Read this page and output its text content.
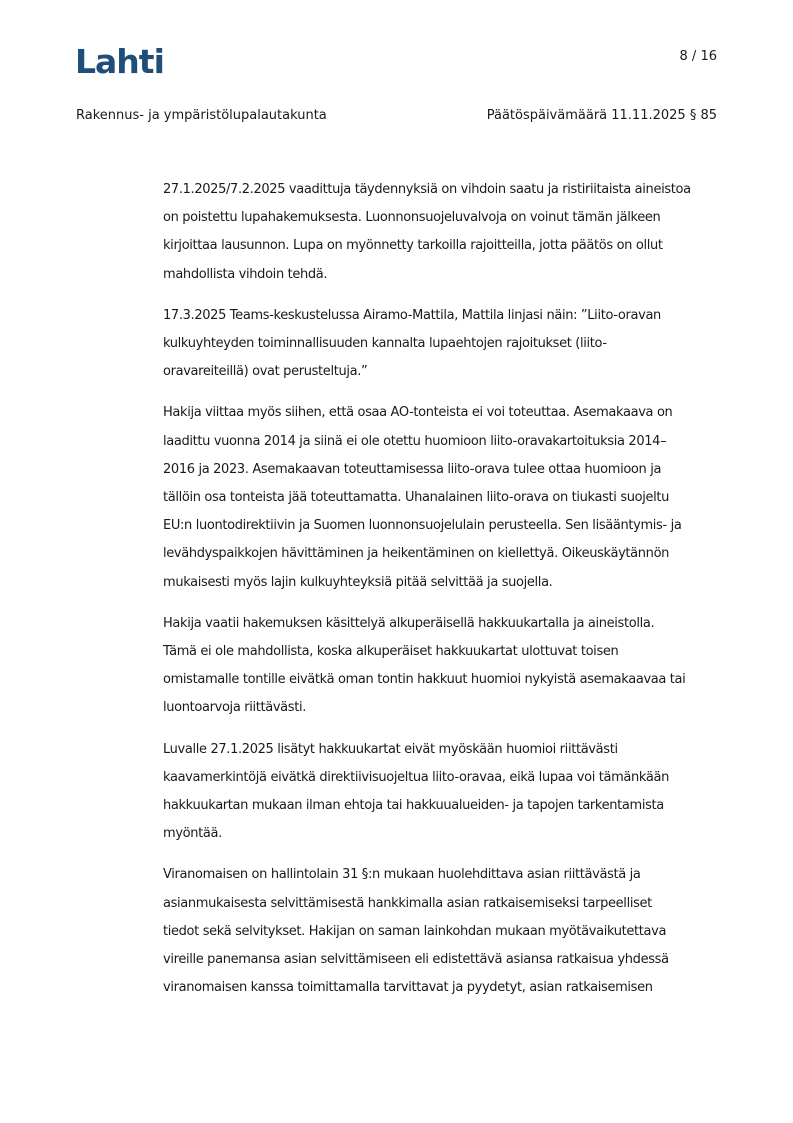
Lahti	8 / 16
Rakennus- ja ympäristölupalautakunta	Päätöspäivämäärä 11.11.2025 § 85
27.1.2025/7.2.2025 vaadittuja täydennyksiä on vihdoin saatu ja ristiriitaista aineistoa
on poistettu lupahakemuksesta. Luonnonsuojeluvalvoja on voinut tämän jälkeen
kirjoittaa lausunnon. Lupa on myönnetty tarkoilla rajoitteilla, jotta päätös on ollut
mahdollista vihdoin tehdä.
17.3.2025 Teams-keskustelussa Airamo-Mattila, Mattila linjasi näin: ”Liito-oravan
kulkuyhteyden toiminnallisuuden kannalta lupaehtojen rajoitukset (liito-
oravareiteillä) ovat perusteltuja.”
Hakija viittaa myös siihen, että osaa AO-tonteista ei voi toteuttaa. Asemakaava on
laadittu vuonna 2014 ja siinä ei ole otettu huomioon liito-oravakartoituksia 2014–
2016 ja 2023. Asemakaavan toteuttamisessa liito-orava tulee ottaa huomioon ja
tällöin osa tonteista jää toteuttamatta. Uhanalainen liito-orava on tiukasti suojeltu
EU:n luontodirektiivin ja Suomen luonnonsuojelulain perusteella. Sen lisääntymis- ja
levähdyspaikkojen hävittäminen ja heikentäminen on kiellettyä. Oikeuskäytännön
mukaisesti myös lajin kulkuyhteyksiä pitää selvittää ja suojella.
Hakija vaatii hakemuksen käsittelyä alkuperäisellä hakkuukartalla ja aineistolla.
Tämä ei ole mahdollista, koska alkuperäiset hakkuukartat ulottuvat toisen
omistamalle tontille eivätkä oman tontin hakkuut huomioi nykyistä asemakaavaa tai
luontoarvoja riittävästi.
Luvalle 27.1.2025 lisätyt hakkuukartat eivät myöskään huomioi riittävästi
kaavamerkintöjä eivätkä direktiivisuojeltua liito-oravaa, eikä lupaa voi tämänkään
hakkuukartan mukaan ilman ehtoja tai hakkuualueiden- ja tapojen tarkentamista
myöntää.
Viranomaisen on hallintolain 31 §:n mukaan huolehdittava asian riittävästä ja
asianmukaisesta selvittämisestä hankkimalla asian ratkaisemiseksi tarpeelliset
tiedot sekä selvitykset. Hakijan on saman lainkohdan mukaan myötävaikutettava
vireille panemansa asian selvittämiseen eli edistettävä asiansa ratkaisua yhdessä
viranomaisen kanssa toimittamalla tarvittavat ja pyydetyt, asian ratkaisemisen
